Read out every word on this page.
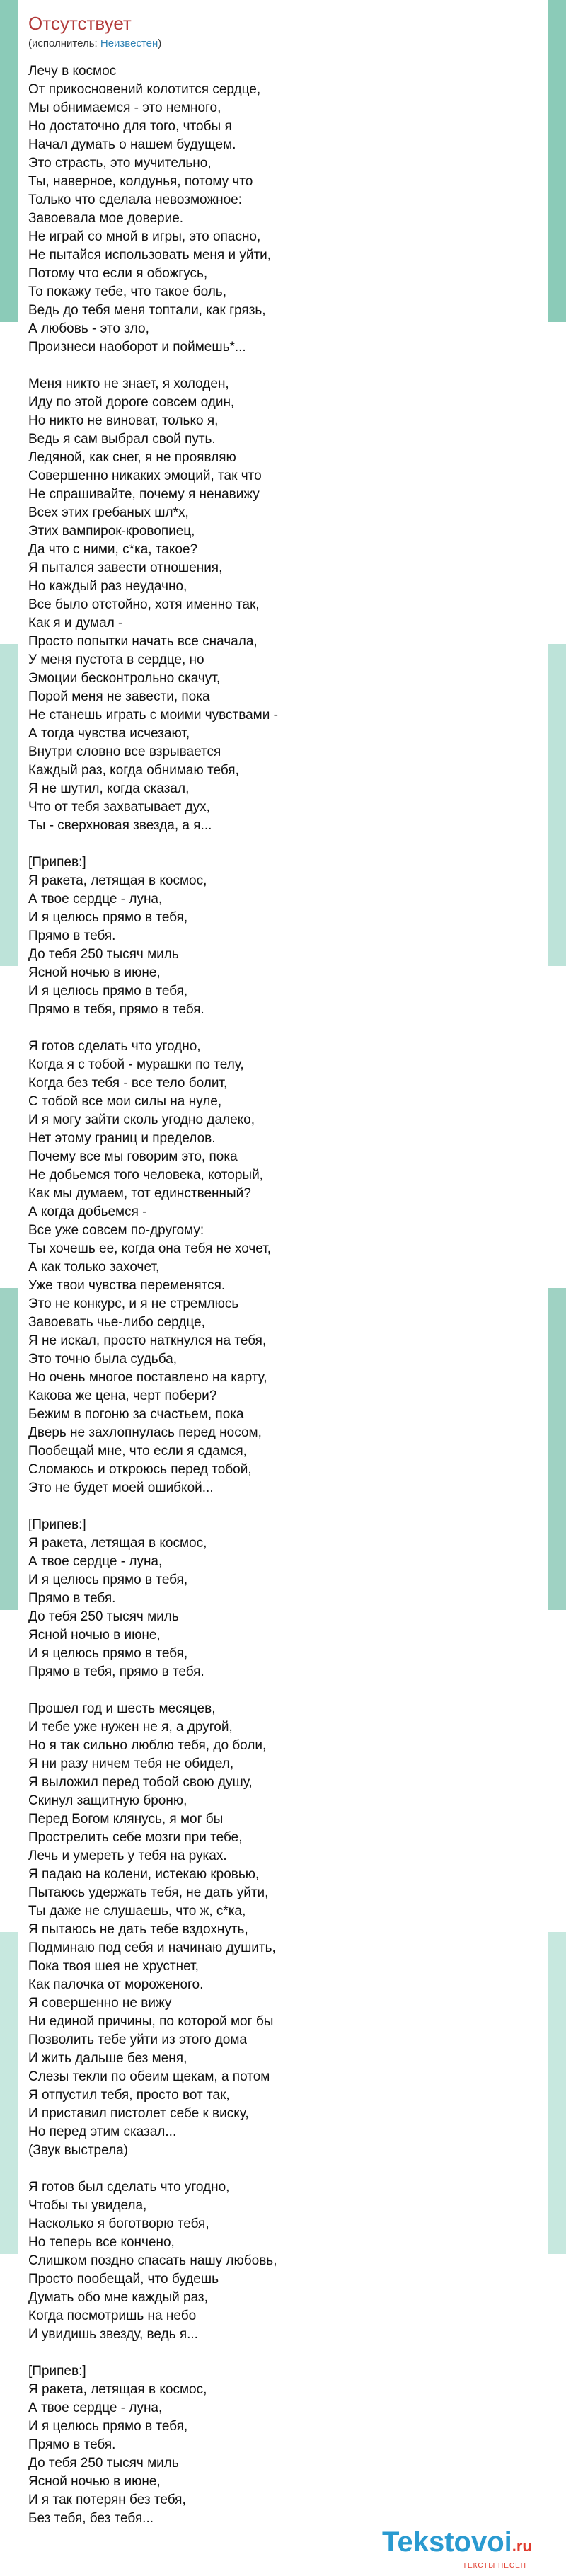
Отсутствует
(исполнитель: Неизвестен)
Лечу в космос
От прикосновений колотится сердце,
Мы обнимаемся - это немного,
Но достаточно для того, чтобы я
Начал думать о нашем будущем.
Это страсть, это мучительно,
Ты, наверное, колдунья, потому что
Только что сделала невозможное:
Завоевала мое доверие.
Не играй со мной в игры, это опасно,
Не пытайся использовать меня и уйти,
Потому что если я обожгусь,
То покажу тебе, что такое боль,
Ведь до тебя меня топтали, как грязь,
А любовь - это зло,
Произнеси наоборот и поймешь*...
Меня никто не знает, я холоден,
Иду по этой дороге совсем один,
Но никто не виноват, только я,
Ведь я сам выбрал свой путь.
Ледяной, как снег, я не проявляю
Совершенно никаких эмоций, так что
Не спрашивайте, почему я ненавижу
Всех этих гребаных шл*х,
Этих вампирок-кровопиец,
Да что с ними, с*ка, такое?
Я пытался завести отношения,
Но каждый раз неудачно,
Все было отстойно, хотя именно так,
Как я и думал -
Просто попытки начать все сначала,
У меня пустота в сердце, но
Эмоции бесконтрольно скачут,
Порой меня не завести, пока
Не станешь играть с моими чувствами -
А тогда чувства исчезают,
Внутри словно все взрывается
Каждый раз, когда обнимаю тебя,
Я не шутил, когда сказал,
Что от тебя захватывает дух,
Ты - сверхновая звезда, а я...
[Припев:]
Я ракета, летящая в космос,
А твое сердце - луна,
И я целюсь прямо в тебя,
Прямо в тебя.
До тебя 250 тысяч миль
Ясной ночью в июне,
И я целюсь прямо в тебя,
Прямо в тебя, прямо в тебя.
Я готов сделать что угодно,
Когда я с тобой - мурашки по телу,
Когда без тебя - все тело болит,
С тобой все мои силы на нуле,
И я могу зайти сколь угодно далеко,
Нет этому границ и пределов.
Почему все мы говорим это, пока
Не добьемся того человека, который,
Как мы думаем, тот единственный?
А когда добьемся -
Все уже совсем по-другому:
Ты хочешь ее, когда она тебя не хочет,
А как только захочет,
Уже твои чувства переменятся.
Это не конкурс, и я не стремлюсь
Завоевать чье-либо сердце,
Я не искал, просто наткнулся на тебя,
Это точно была судьба,
Но очень многое поставлено на карту,
Какова же цена, черт побери?
Бежим в погоню за счастьем, пока
Дверь не захлопнулась перед носом,
Пообещай мне, что если я сдамся,
Сломаюсь и откроюсь перед тобой,
Это не будет моей ошибкой...
[Припев:]
Я ракета, летящая в космос,
А твое сердце - луна,
И я целюсь прямо в тебя,
Прямо в тебя.
До тебя 250 тысяч миль
Ясной ночью в июне,
И я целюсь прямо в тебя,
Прямо в тебя, прямо в тебя.
Прошел год и шесть месяцев,
И тебе уже нужен не я, а другой,
Но я так сильно люблю тебя, до боли,
Я ни разу ничем тебя не обидел,
Я выложил перед тобой свою душу,
Скинул защитную броню,
Перед Богом клянусь, я мог бы
Прострелить себе мозги при тебе,
Лечь и умереть у тебя на руках.
Я падаю на колени, истекаю кровью,
Пытаюсь удержать тебя, не дать уйти,
Ты даже не слушаешь, что ж, с*ка,
Я пытаюсь не дать тебе вздохнуть,
Подминаю под себя и начинаю душить,
Пока твоя шея не хрустнет,
Как палочка от мороженого.
Я совершенно не вижу
Ни единой причины, по которой мог бы
Позволить тебе уйти из этого дома
И жить дальше без меня,
Слезы текли по обеим щекам, а потом
Я отпустил тебя, просто вот так,
И приставил пистолет себе к виску,
Но перед этим сказал...
(Звук выстрела)
Я готов был сделать что угодно,
Чтобы ты увидела,
Насколько я боготворю тебя,
Но теперь все кончено,
Слишком поздно спасать нашу любовь,
Просто пообещай, что будешь
Думать обо мне каждый раз,
Когда посмотришь на небо
И увидишь звезду, ведь я...
[Припев:]
Я ракета, летящая в космос,
А твое сердце - луна,
И я целюсь прямо в тебя,
Прямо в тебя.
До тебя 250 тысяч миль
Ясной ночью в июне,
И я так потерян без тебя,
Без тебя, без тебя...
Tekstovoi.ru
ТЕКСТЫ ПЕСЕН
